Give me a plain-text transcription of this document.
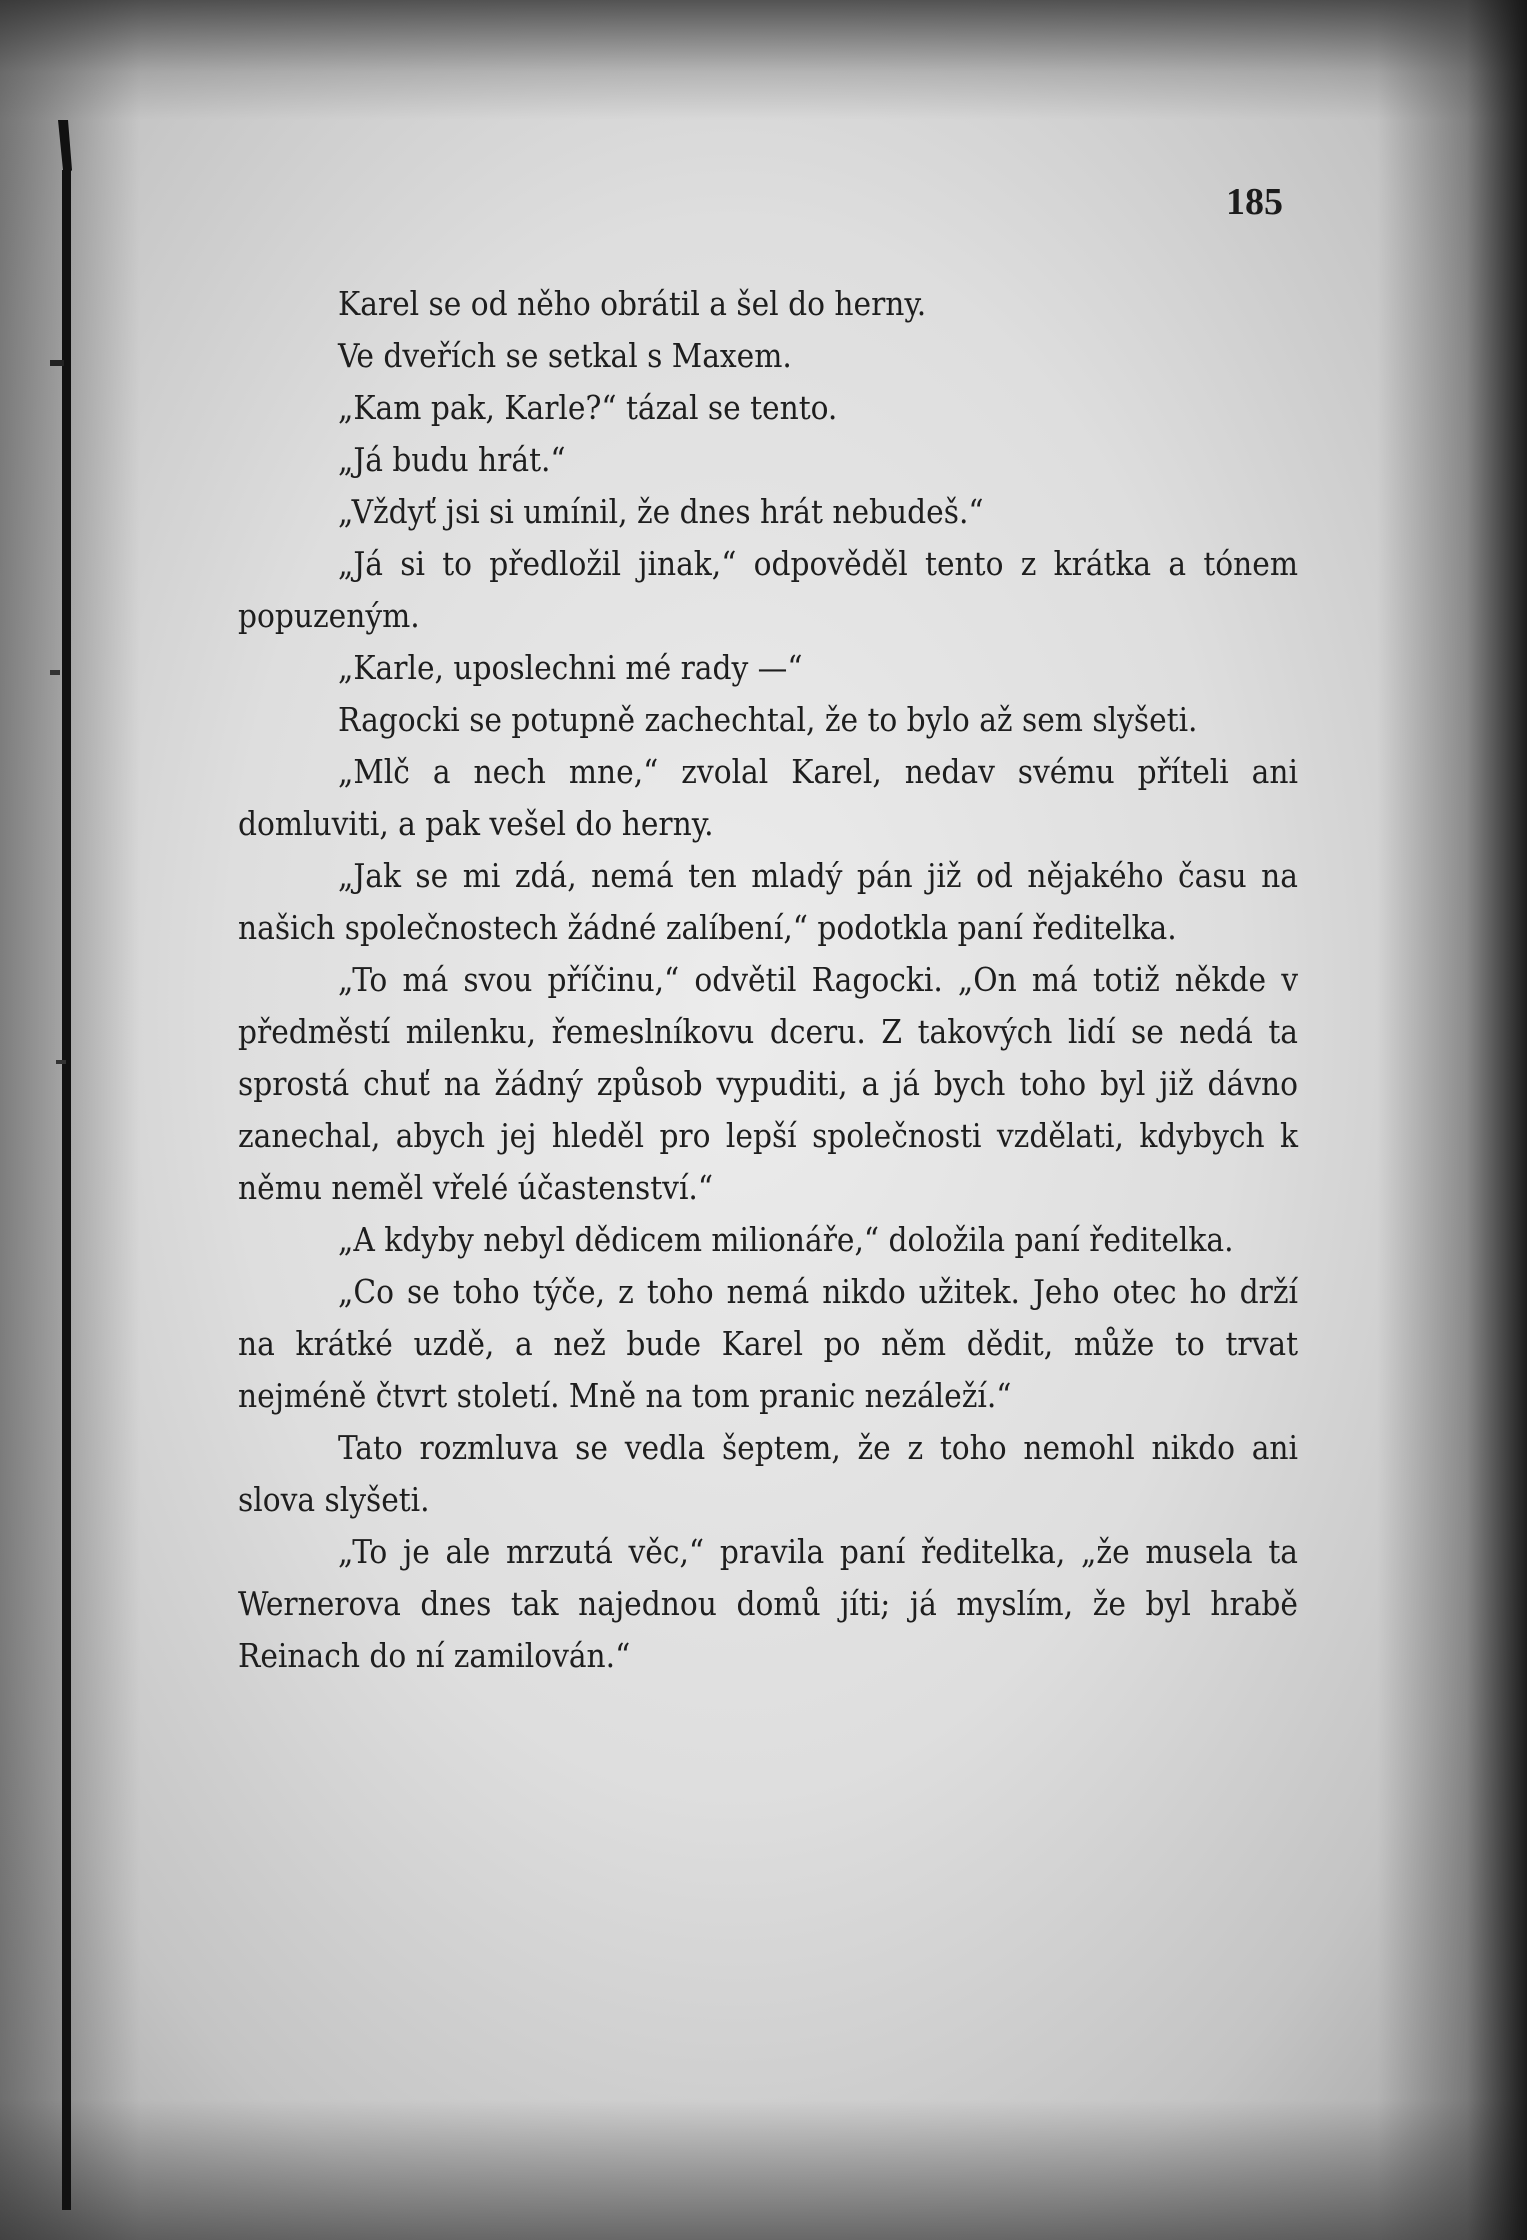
185

Karel se od něho obrátil a šel do herny.

Ve dveřích se setkal s Maxem.

„Kam pak, Karle?“ tázal se tento.

„Já budu hrát.“

„Vždyť jsi si umínil, že dnes hrát nebudeš.“

„Já si to předložil jinak,“ odpověděl tento z krátka a tónem popuzeným.

„Karle, uposlechni mé rady —“

Ragocki se potupně zachechtal, že to bylo až sem slyšeti.

„Mlč a nech mne,“ zvolal Karel, nedav svému příteli ani domluviti, a pak vešel do herny.

„Jak se mi zdá, nemá ten mladý pán již od nějakého času na našich společnostech žádné zalíbení,“ podotkla paní ředitelka.

„To má svou příčinu,“ odvětil Ragocki. „On má totiž někde v předměstí milenku, řemeslníkovu dceru. Z takových lidí se nedá ta sprostá chuť na žádný způsob vypuditi, a já bych toho byl již dávno zanechal, abych jej hleděl pro lepší společnosti vzdělati, kdybych k němu neměl vřelé účastenství.“

„A kdyby nebyl dědicem milionáře,“ doložila paní ředitelka.

„Co se toho týče, z toho nemá nikdo užitek. Jeho otec ho drží na krátké uzdě, a než bude Karel po něm dědit, může to trvat nejméně čtvrt století. Mně na tom pranic nezáleží.“

Tato rozmluva se vedla šeptem, že z toho nemohl nikdo ani slova slyšeti.

„To je ale mrzutá věc,“ pravila paní ředitelka, „že musela ta Wernerova dnes tak najednou domů jíti; já myslím, že byl hrabě Reinach do ní zamilován.“
